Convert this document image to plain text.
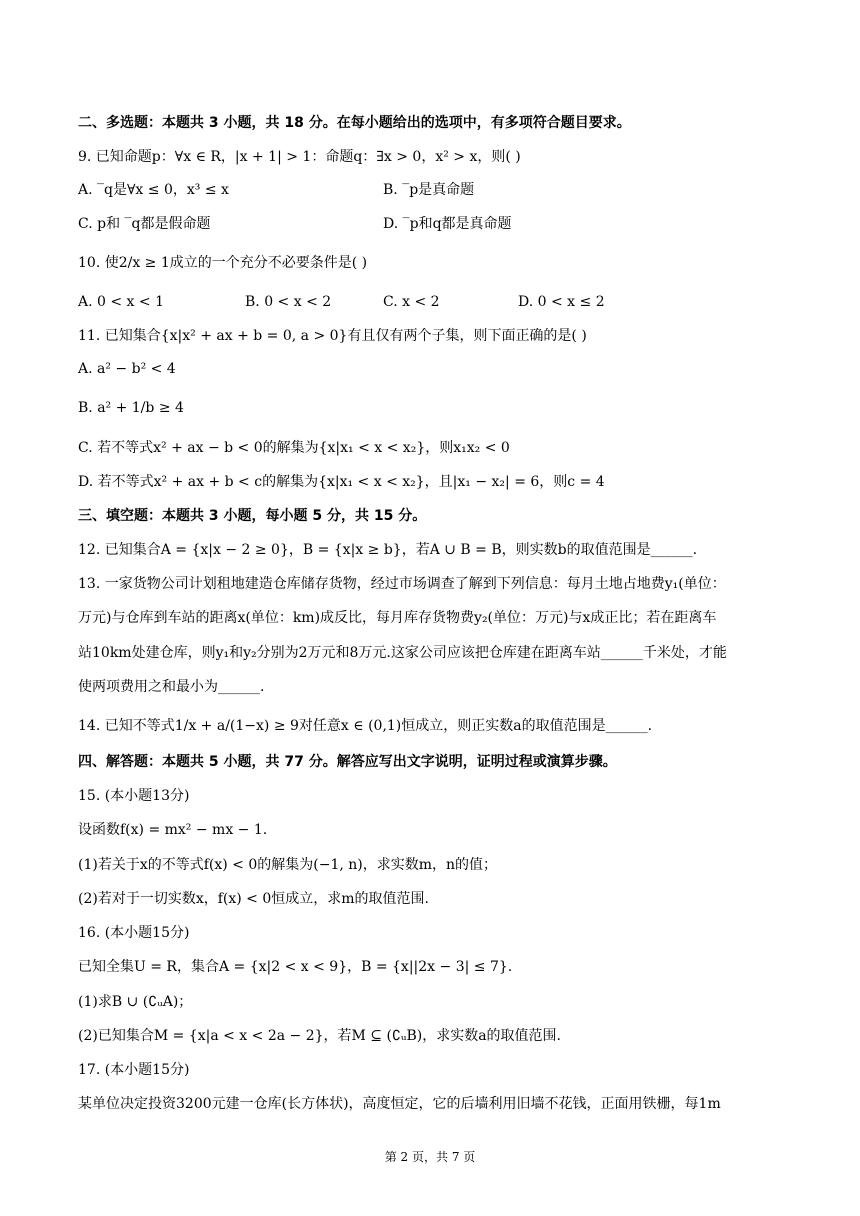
二、多选题：本题共 3 小题，共 18 分。在每小题给出的选项中，有多项符合题目要求。
9. 已知命题p：∀x ∈ R，|x + 1| > 1：命题q：∃x > 0，x² > x，则( )
A. ‾q是∀x ≤ 0，x³ ≤ x	B. ‾p是真命题
C. p和 ‾q都是假命题	D. ‾p和q都是真命题
10. 使2/x ≥ 1成立的一个充分不必要条件是( )
A. 0 < x < 1	B. 0 < x < 2	C. x < 2	D. 0 < x ≤ 2
11. 已知集合{x|x² + ax + b = 0, a > 0}有且仅有两个子集，则下面正确的是( )
A. a² − b² < 4
B. a² + 1/b ≥ 4
C. 若不等式x² + ax − b < 0的解集为{x|x₁ < x < x₂}，则x₁x₂ < 0
D. 若不等式x² + ax + b < c的解集为{x|x₁ < x < x₂}，且|x₁ − x₂| = 6，则c = 4
三、填空题：本题共 3 小题，每小题 5 分，共 15 分。
12. 已知集合A = {x|x − 2 ≥ 0}，B = {x|x ≥ b}，若A ∪ B = B，则实数b的取值范围是______.
13. 一家货物公司计划租地建造仓库储存货物，经过市场调查了解到下列信息：每月土地占地费y₁(单位：
万元)与仓库到车站的距离x(单位：km)成反比，每月库存货物费y₂(单位：万元)与x成正比；若在距离车
站10km处建仓库，则y₁和y₂分别为2万元和8万元.这家公司应该把仓库建在距离车站______千米处，才能
使两项费用之和最小为______.
14. 已知不等式1/x + a/(1−x) ≥ 9对任意x ∈ (0,1)恒成立，则正实数a的取值范围是______.
四、解答题：本题共 5 小题，共 77 分。解答应写出文字说明，证明过程或演算步骤。
15. (本小题13分)
设函数f(x) = mx² − mx − 1.
(1)若关于x的不等式f(x) < 0的解集为(−1, n)，求实数m，n的值；
(2)若对于一切实数x，f(x) < 0恒成立，求m的取值范围.
16. (本小题15分)
已知全集U = R，集合A = {x|2 < x < 9}，B = {x||2x − 3| ≤ 7}.
(1)求B ∪ (∁ᵤA)；
(2)已知集合M = {x|a < x < 2a − 2}，若M ⊆ (∁ᵤB)，求实数a的取值范围.
17. (本小题15分)
某单位决定投资3200元建一仓库(长方体状)，高度恒定，它的后墙利用旧墙不花钱，正面用铁栅，每1m
第 2 页，共 7 页
